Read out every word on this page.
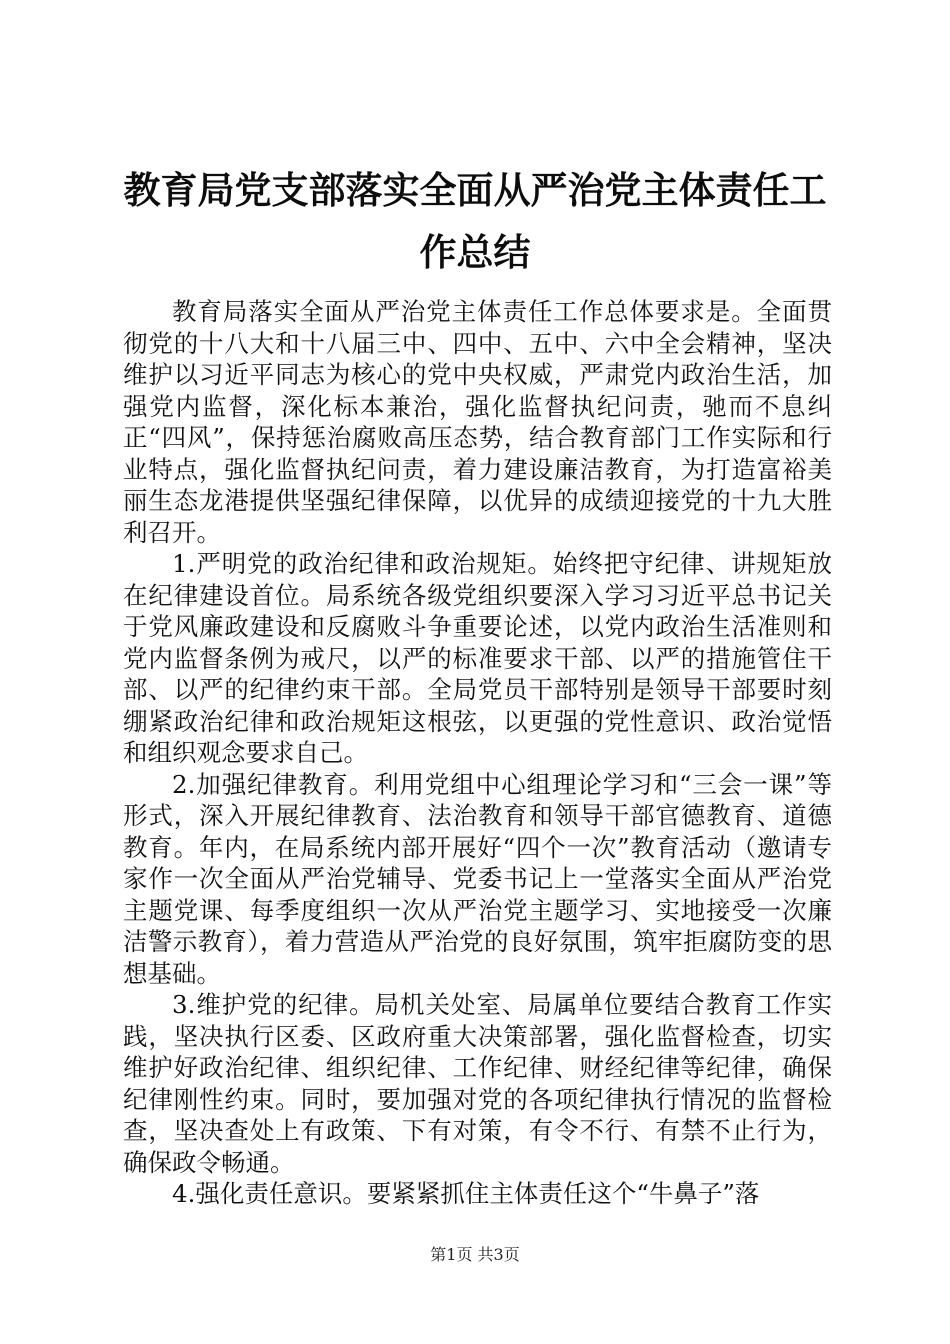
教育局党支部落实全面从严治党主体责任工作总结

教育局落实全面从严治党主体责任工作总体要求是。全面贯彻党的十八大和十八届三中、四中、五中、六中全会精神，坚决维护以习近平同志为核心的党中央权威，严肃党内政治生活，加强党内监督，深化标本兼治，强化监督执纪问责，驰而不息纠正“四风”，保持惩治腐败高压态势，结合教育部门工作实际和行业特点，强化监督执纪问责，着力建设廉洁教育，为打造富裕美丽生态龙港提供坚强纪律保障，以优异的成绩迎接党的十九大胜利召开。

1.严明党的政治纪律和政治规矩。始终把守纪律、讲规矩放在纪律建设首位。局系统各级党组织要深入学习习近平总书记关于党风廉政建设和反腐败斗争重要论述，以党内政治生活准则和党内监督条例为戒尺，以严的标准要求干部、以严的措施管住干部、以严的纪律约束干部。全局党员干部特别是领导干部要时刻绷紧政治纪律和政治规矩这根弦，以更强的党性意识、政治觉悟和组织观念要求自己。

2.加强纪律教育。利用党组中心组理论学习和“三会一课”等形式，深入开展纪律教育、法治教育和领导干部官德教育、道德教育。年内，在局系统内部开展好“四个一次”教育活动（邀请专家作一次全面从严治党辅导、党委书记上一堂落实全面从严治党主题党课、每季度组织一次从严治党主题学习、实地接受一次廉洁警示教育），着力营造从严治党的良好氛围，筑牢拒腐防变的思想基础。

3.维护党的纪律。局机关处室、局属单位要结合教育工作实践，坚决执行区委、区政府重大决策部署，强化监督检查，切实维护好政治纪律、组织纪律、工作纪律、财经纪律等纪律，确保纪律刚性约束。同时，要加强对党的各项纪律执行情况的监督检查，坚决查处上有政策、下有对策，有令不行、有禁不止行为，确保政令畅通。

4.强化责任意识。要紧紧抓住主体责任这个“牛鼻子”落

第1页 共3页
